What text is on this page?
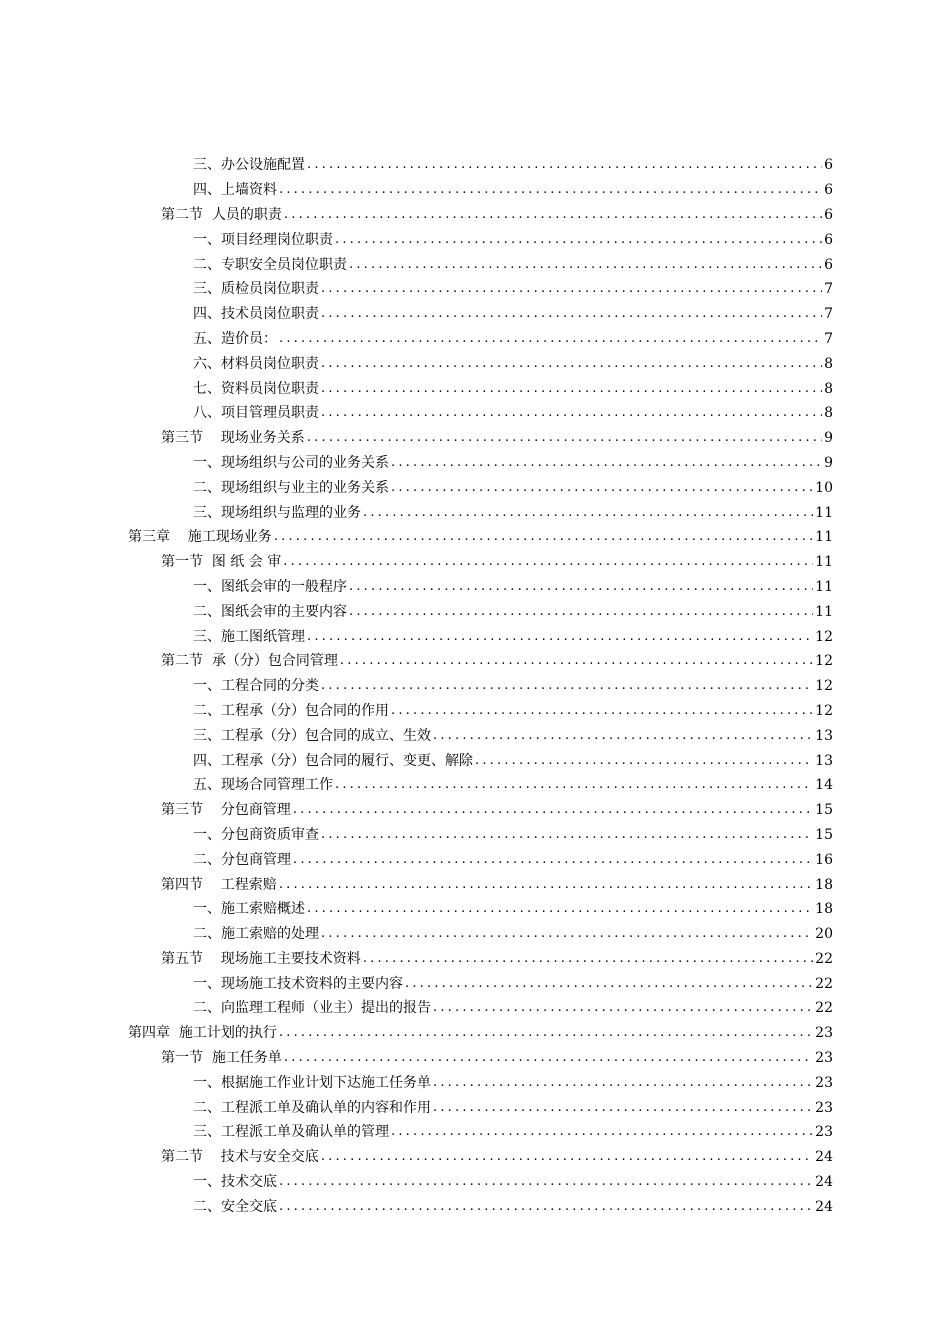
三、办公设施配置 .....	6
四、上墙资料 .....	6
第二节  人员的职责 .....	6
一、项目经理岗位职责 .....	6
二、专职安全员岗位职责 .....	6
三、质检员岗位职责 .....	7
四、技术员岗位职责 .....	7
五、造价员： .....	7
六、材料员岗位职责 .....	8
七、资料员岗位职责 .....	8
八、项目管理员职责 .....	8
第三节    现场业务关系 .....	9
一、现场组织与公司的业务关系 .....	9
二、现场组织与业主的业务关系 .....	10
三、现场组织与监理的业务 .....	11
第三章    施工现场业务 .....	11
第一节  图 纸 会 审 .....	11
一、图纸会审的一般程序 .....	11
二、图纸会审的主要内容 .....	11
三、施工图纸管理 .....	12
第二节  承（分）包合同管理 .....	12
一、工程合同的分类 .....	12
二、工程承（分）包合同的作用 .....	12
三、工程承（分）包合同的成立、生效 .....	13
四、工程承（分）包合同的履行、变更、解除 .....	13
五、现场合同管理工作 .....	14
第三节    分包商管理 .....	15
一、分包商资质审查 .....	15
二、分包商管理 .....	16
第四节    工程索赔 .....	18
一、施工索赔概述 .....	18
二、施工索赔的处理 .....	20
第五节    现场施工主要技术资料 .....	22
一、现场施工技术资料的主要内容 .....	22
二、向监理工程师（业主）提出的报告 .....	22
第四章  施工计划的执行 .....	23
第一节  施工任务单 .....	23
一、根据施工作业计划下达施工任务单 .....	23
二、工程派工单及确认单的内容和作用 .....	23
三、工程派工单及确认单的管理 .....	23
第二节    技术与安全交底 .....	24
一、技术交底 .....	24
二、安全交底 .....	24
